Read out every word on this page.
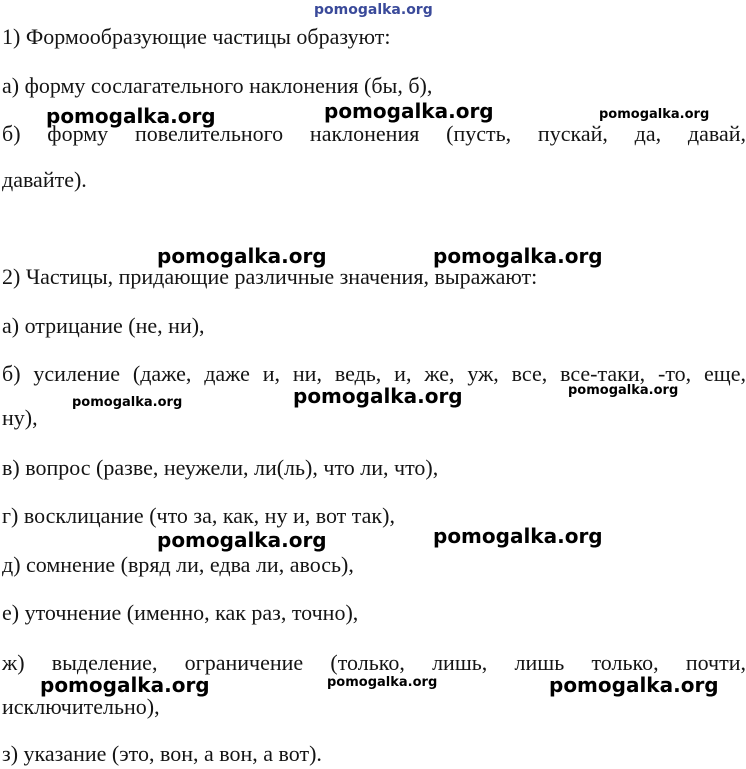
pomogalka.org
1) Формообразующие частицы образуют:
а) форму сослагательного наклонения (бы, б),
б) форму повелительного наклонения (пусть, пускай, да, давай,
давайте).
2) Частицы, придающие различные значения, выражают:
а) отрицание (не, ни),
б) усиление (даже, даже и, ни, ведь, и, же, уж, все, все-таки, -то, еще,
ну),
в) вопрос (разве, неужели, ли(ль), что ли, что),
г) восклицание (что за, как, ну и, вот так),
д) сомнение (вряд ли, едва ли, авось),
е) уточнение (именно, как раз, точно),
ж) выделение, ограничение (только, лишь, лишь только, почти,
исключительно),
з) указание (это, вон, а вон, а вот).
pomogalka.org	pomogalka.org	pomogalka.org
pomogalka.org	pomogalka.org
pomogalka.org	pomogalka.org	pomogalka.org
pomogalka.org	pomogalka.org
pomogalka.org	pomogalka.org	pomogalka.org
